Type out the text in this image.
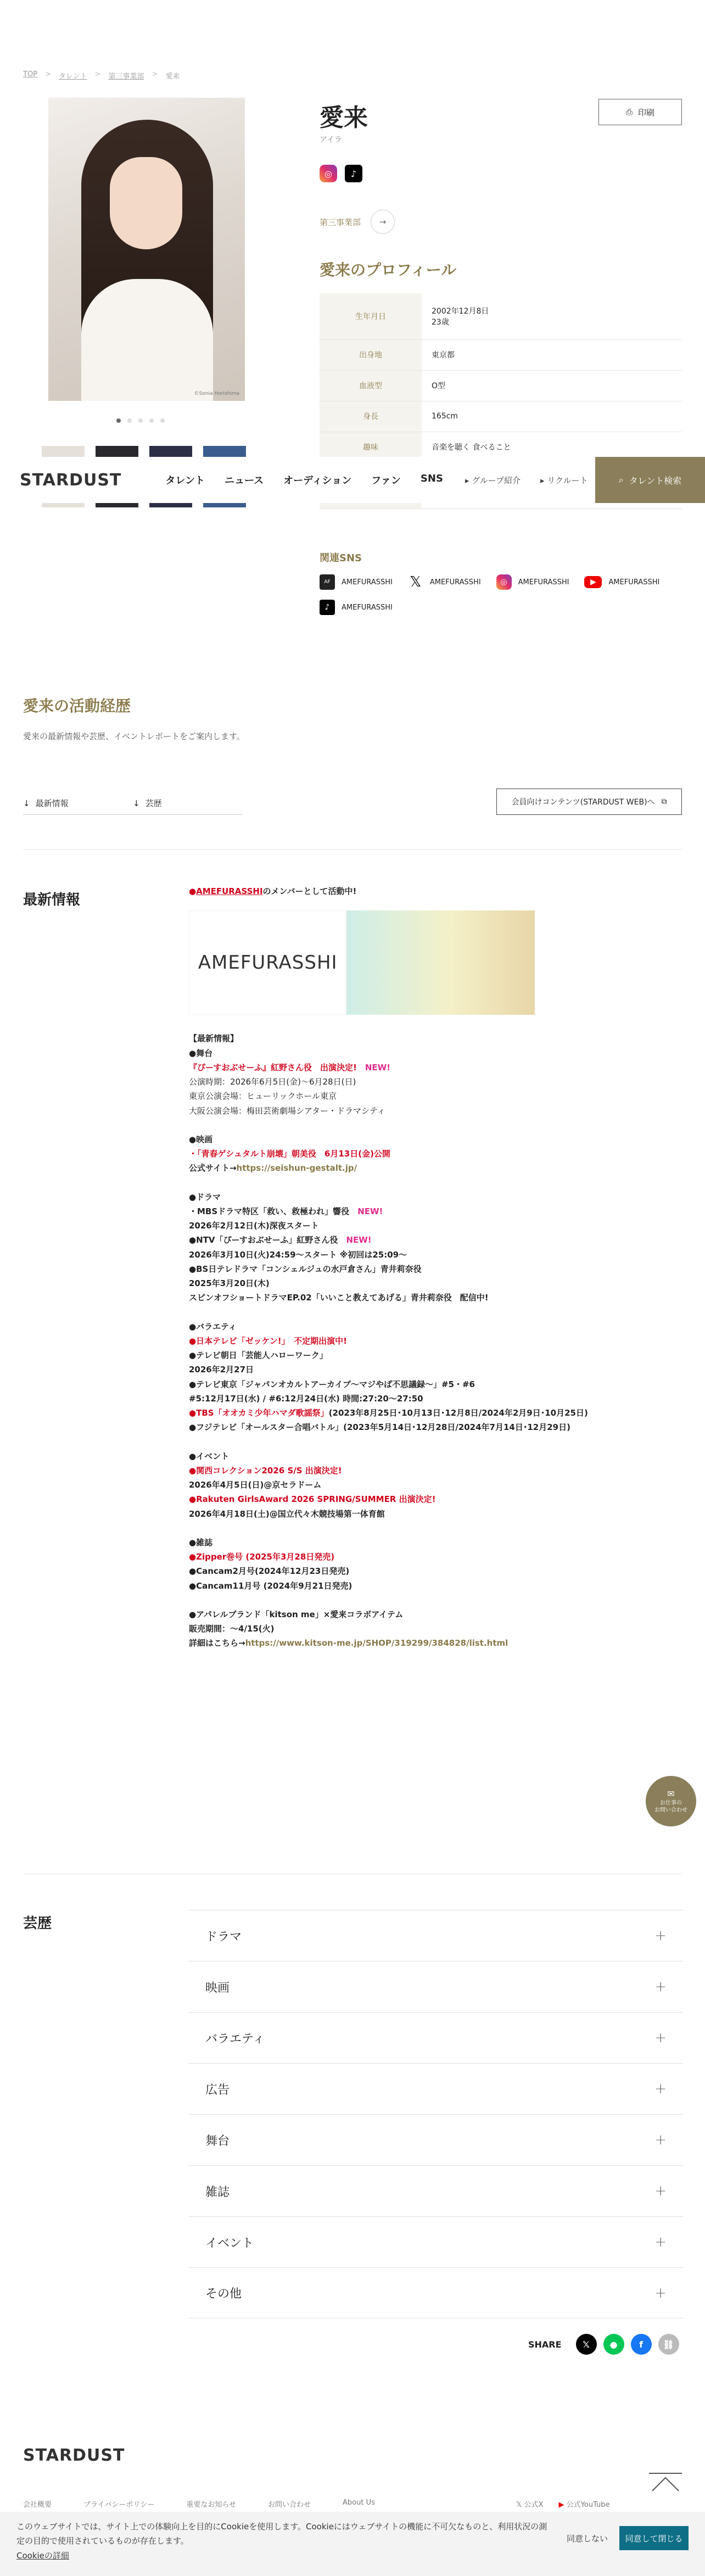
TOP > タレント > 第三事業部 > 愛来
©Sonia Horishima
愛来
アイラ
⎙ 印刷
◎	♪
第三事業部	→
愛来のプロフィール
生年月日	2002年12月8日
23歳
出身地	東京都
血液型	O型
身長	165cm
趣味	音楽を聴く 食べること

関連SNS
AF	AMEFURASSHI 𝕏 AMEFURASSHI	◎	AMEFURASSHI	▶	AMEFURASSHI
♪	AMEFURASSHI
STARDUST	タレント ニュース オーディション ファン SNS	▸ グループ紹介 ▸ リクルート	⌕ タレント検索
愛来の活動経歴
愛来の最新情報や芸歴、イベントレポートをご案内します。
↓ 最新情報	↓ 芸歴	会員向けコンテンツ(STARDUST WEB)へ ⧉
最新情報

●AMEFURASSHIのメンバーとして活動中!

AMEFURASSHI

【最新情報】

●舞台

『ぴーすおぶせーふ』紅野さん役　出演決定!　 NEW!

公演時期：2026年6月5日(金)〜6月28日(日)

東京公演会場：ヒューリックホール東京

大阪公演会場：梅田芸術劇場シアター・ドラマシティ

●映画

・「青春ゲシュタルト崩壊」朝美役　6月13日(金)公開

公式サイト→https://seishun-gestalt.jp/

●ドラマ

・MBSドラマ特区「救い、救極われ」響役　 NEW!

2026年2月12日(木)深夜スタート

●NTV「ぴーすおぶせーふ」紅野さん役　 NEW!

2026年3月10日(火)24:59〜スタート ※初回は25:09〜

●BS日テレドラマ「コンシェルジュの水戸倉さん」青井莉奈役

2025年3月20日(木)

スピンオフショートドラマEP.02「いいこと教えてあげる」青井莉奈役　配信中!

●バラエティ

●日本テレビ「ゼッケン!」　不定期出演中!

●テレビ朝日「芸能人ハローワーク」

2026年2月27日

●テレビ東京「ジャパンオカルトアーカイブ〜マジやば不思議録〜」#5・#6

#5:12月17日(水) / #6:12月24日(水) 時間:27:20〜27:50

●TBS「オオカミ少年ハマダ歌謡祭」(2023年8月25日･10月13日･12月8日/2024年2月9日･10月25日)

●フジテレビ「オールスター合唱バトル」(2023年5月14日･12月28日/2024年7月14日･12月29日)

●イベント

●関西コレクション2026 S/S 出演決定!

2026年4月5日(日)@京セラドーム

●Rakuten GirlsAward 2026 SPRING/SUMMER 出演決定!

2026年4月18日(土)@国立代々木競技場第一体育館

●雑誌

●Zipper巻号 (2025年3月28日発売)

●Cancam2月号(2024年12月23日発売)

●Cancam11月号 (2024年9月21日発売)

●アパレルブランド「kitson me」×愛来コラボアイテム

販売期間：〜4/15(火)

詳細はこちら→https://www.kitson-me.jp/SHOP/319299/384828/list.html

✉
お仕事の
お問い合わせ
芸歴
ドラマ	+
映画	+
バラエティ	+
広告	+
舞台	+
雑誌	+
イベント	+
その他	+
SHARE	𝕏	●	f	⛓
STARDUST
会社概要	プライバシーポリシー	重要なお知らせ	お問い合わせ	About Us	𝕏 公式X ▶ 公式YouTube
このウェブサイトでは、サイト上での体験向上を目的にCookieを使用します。Cookieにはウェブサイトの機能に不可欠なものと、利用状況の測定の目的で使用されているものが存在します。
Cookieの詳細
同意しない	同意して閉じる
